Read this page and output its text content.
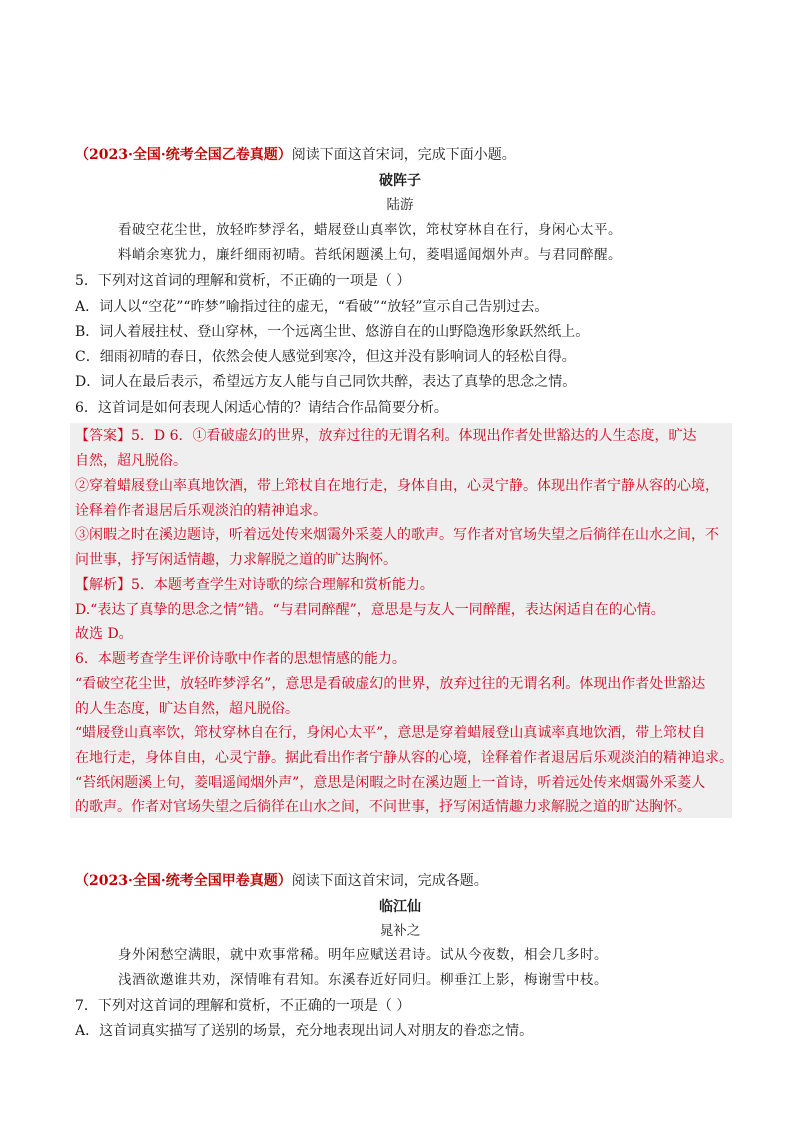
（2023·全国·统考全国乙卷真题）阅读下面这首宋词，完成下面小题。
破阵子
陆游
看破空花尘世，放轻昨梦浮名，蜡屐登山真率饮，筇杖穿林自在行，身闲心太平。
料峭余寒犹力，廉纤细雨初晴。苔纸闲题溪上句，菱唱遥闻烟外声。与君同醉醒。
5．下列对这首词的理解和赏析，不正确的一项是（ ）
A．词人以“空花”“昨梦”喻指过往的虚无，“看破”“放轻”宣示自己告别过去。
B．词人着屐拄杖、登山穿林，一个远离尘世、悠游自在的山野隐逸形象跃然纸上。
C．细雨初晴的春日，依然会使人感觉到寒冷，但这并没有影响词人的轻松自得。
D．词人在最后表示，希望远方友人能与自己同饮共醉，表达了真挚的思念之情。
6．这首词是如何表现人闲适心情的？请结合作品简要分析。
【答案】5．D 6．①看破虚幻的世界，放弃过往的无谓名利。体现出作者处世豁达的人生态度，旷达
自然，超凡脱俗。
②穿着蜡屐登山率真地饮酒，带上筇杖自在地行走，身体自由，心灵宁静。体现出作者宁静从容的心境，
诠释着作者退居后乐观淡泊的精神追求。
③闲暇之时在溪边题诗，听着远处传来烟霭外采菱人的歌声。写作者对官场失望之后徜徉在山水之间，不
问世事，抒写闲适情趣，力求解脱之道的旷达胸怀。
【解析】5．本题考查学生对诗歌的综合理解和赏析能力。
D.“表达了真挚的思念之情”错。“与君同醉醒”，意思是与友人一同醉醒，表达闲适自在的心情。
故选 D。
6．本题考查学生评价诗歌中作者的思想情感的能力。
“看破空花尘世，放轻昨梦浮名”，意思是看破虚幻的世界，放弃过往的无谓名利。体现出作者处世豁达
的人生态度，旷达自然，超凡脱俗。
“蜡屐登山真率饮，筇杖穿林自在行，身闲心太平”，意思是穿着蜡屐登山真诚率真地饮酒，带上筇杖自
在地行走，身体自由，心灵宁静。据此看出作者宁静从容的心境，诠释着作者退居后乐观淡泊的精神追求。
“苔纸闲题溪上句，菱唱遥闻烟外声”，意思是闲暇之时在溪边题上一首诗，听着远处传来烟霭外采菱人
的歌声。作者对官场失望之后徜徉在山水之间，不问世事，抒写闲适情趣力求解脱之道的旷达胸怀。
（2023·全国·统考全国甲卷真题）阅读下面这首宋词，完成各题。
临江仙
晁补之
身外闲愁空满眼，就中欢事常稀。明年应赋送君诗。试从今夜数，相会几多时。
浅酒欲邀谁共劝，深情唯有君知。东溪春近好同归。柳垂江上影，梅谢雪中枝。
7．下列对这首词的理解和赏析，不正确的一项是（ ）
A．这首词真实描写了送别的场景，充分地表现出词人对朋友的眷恋之情。
